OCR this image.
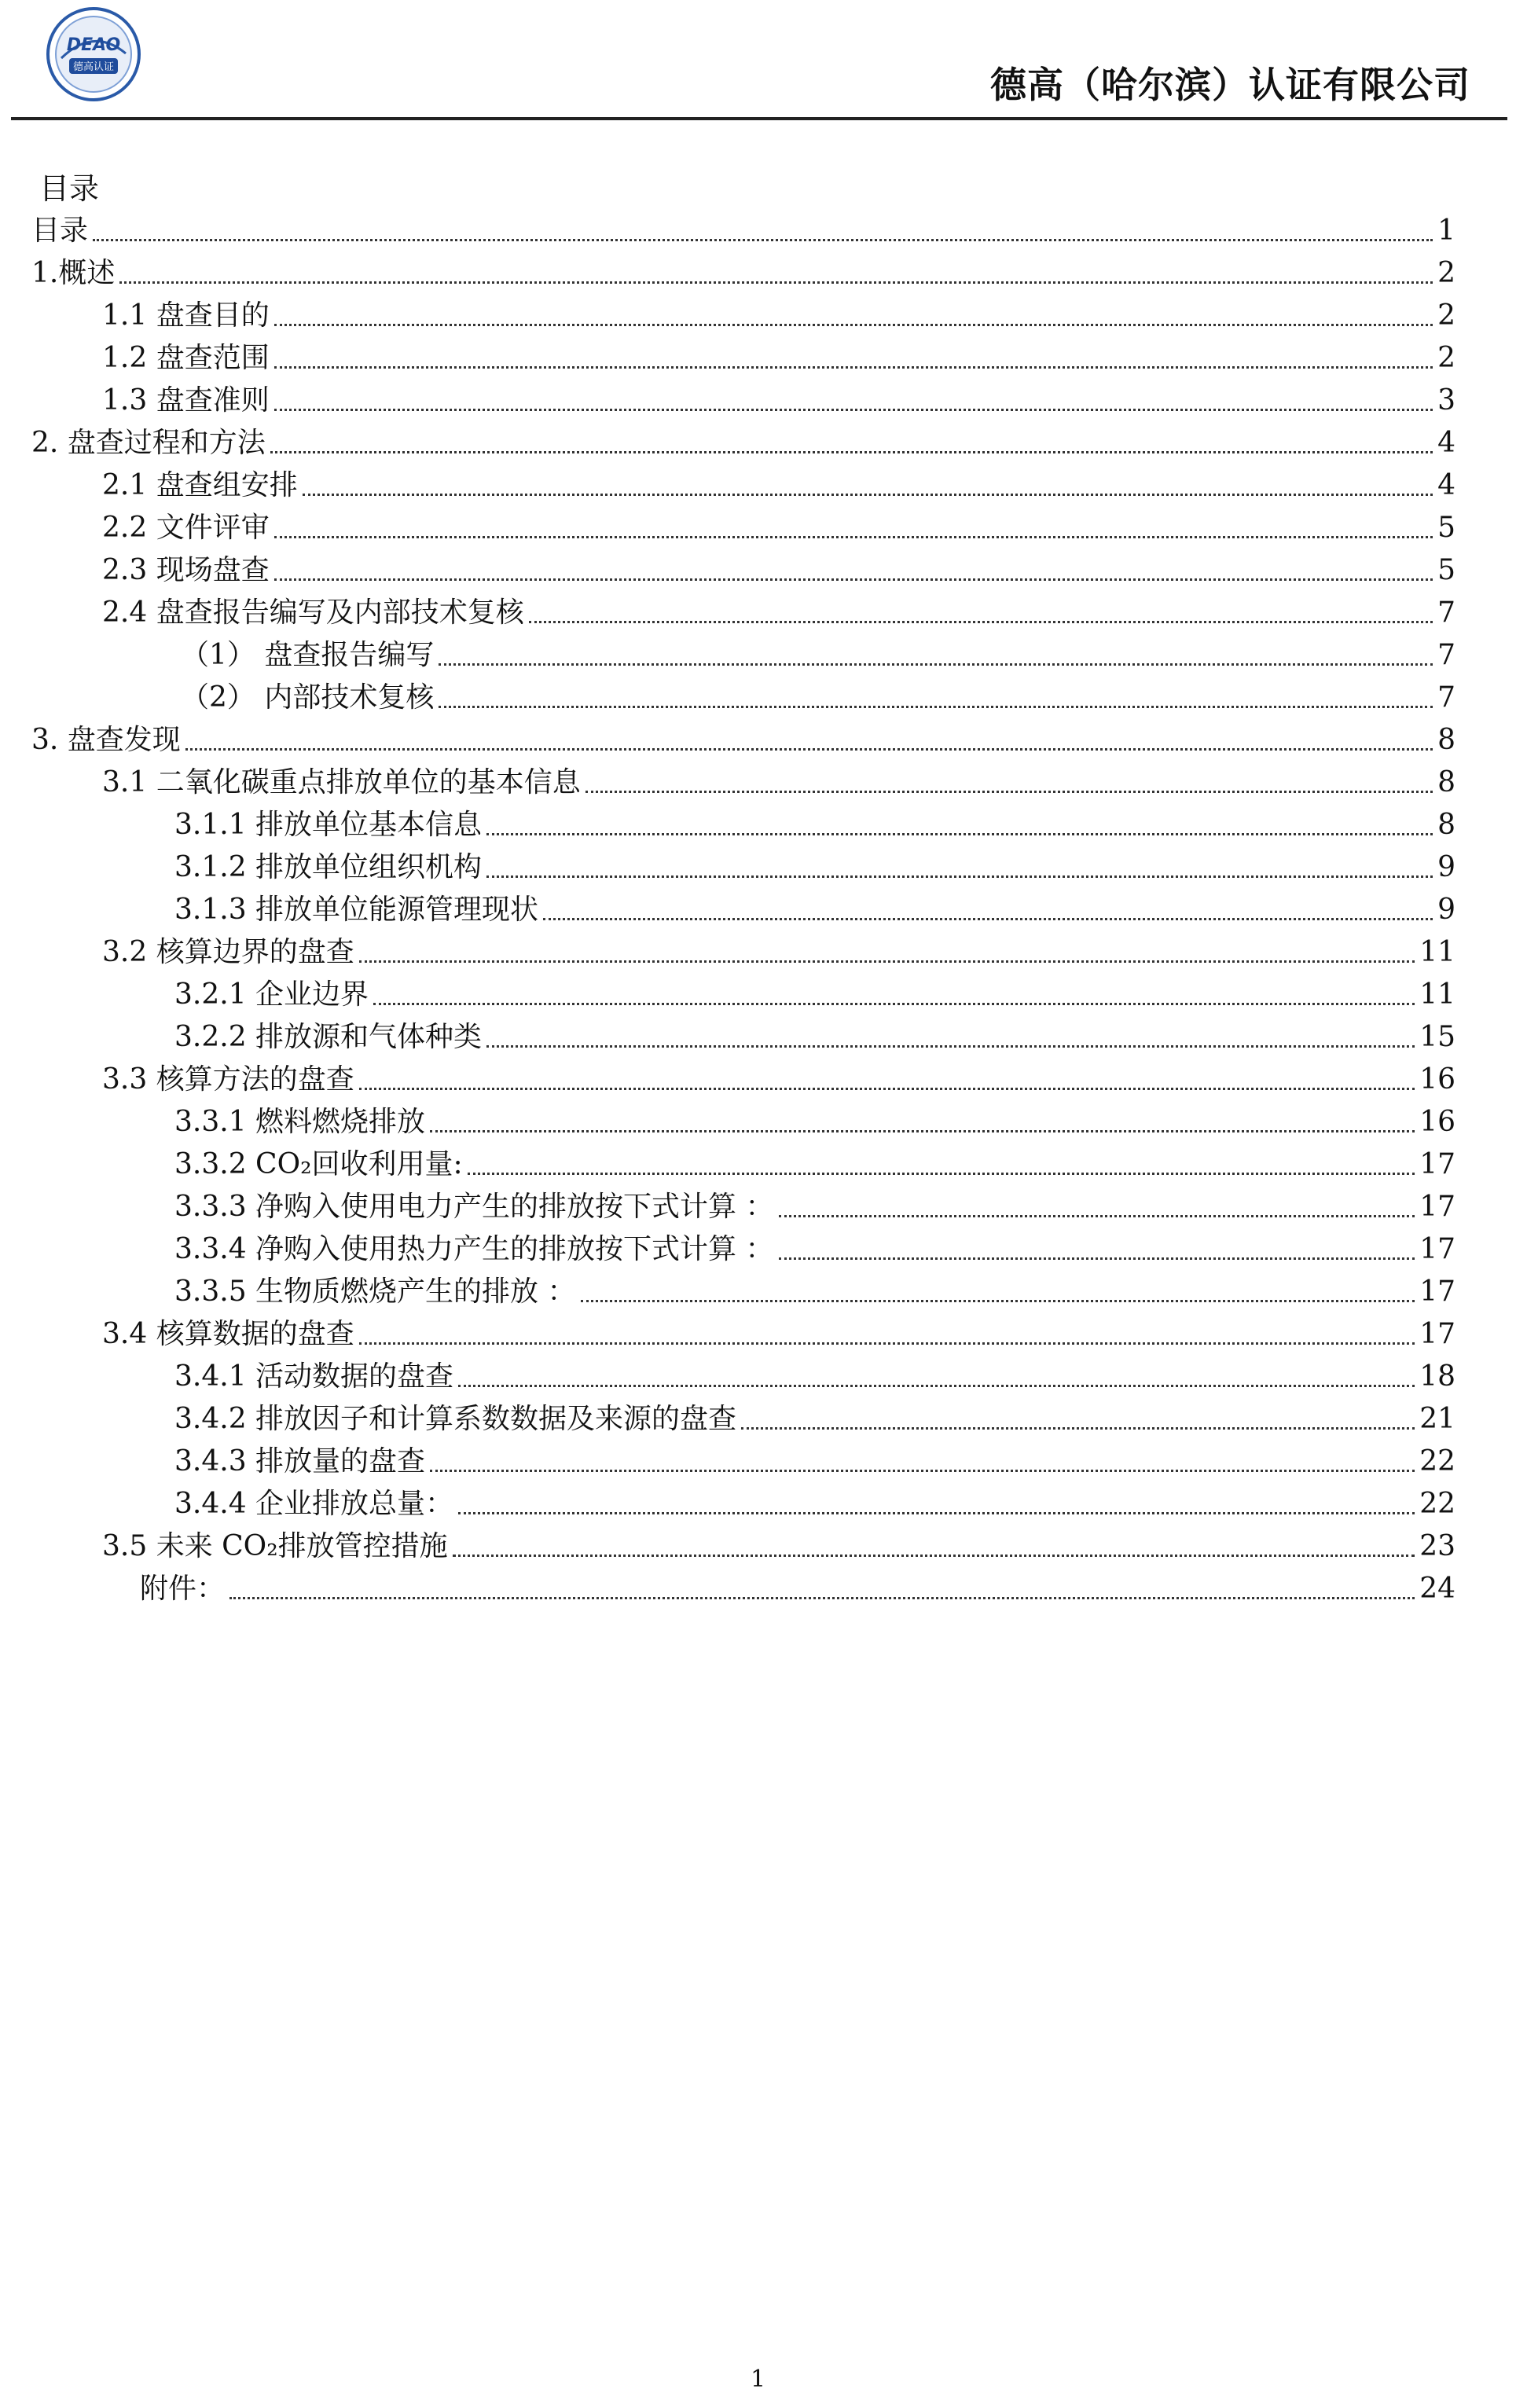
DEAO
德高认证	德高（哈尔滨）认证有限公司
目录
目录	1
1.概述	2
1.1 盘查目的	2
1.2 盘查范围	2
1.3 盘查准则	3
2. 盘查过程和方法	4
2.1 盘查组安排	4
2.2 文件评审	5
2.3 现场盘查	5
2.4 盘查报告编写及内部技术复核	7
（1） 盘查报告编写	7
（2） 内部技术复核	7
3. 盘查发现	8
3.1 二氧化碳重点排放单位的基本信息	8
3.1.1 排放单位基本信息	8
3.1.2 排放单位组织机构	9
3.1.3 排放单位能源管理现状	9
3.2 核算边界的盘查	11
3.2.1 企业边界	11
3.2.2 排放源和气体种类	15
3.3 核算方法的盘查	16
3.3.1 燃料燃烧排放	16
3.3.2 CO₂回收利用量:	17
3.3.3 净购入使用电力产生的排放按下式计算 ：	17
3.3.4 净购入使用热力产生的排放按下式计算 ：	17
3.3.5 生物质燃烧产生的排放 ：	17
3.4 核算数据的盘查	17
3.4.1 活动数据的盘查	18
3.4.2 排放因子和计算系数数据及来源的盘查	21
3.4.3 排放量的盘查	22
3.4.4 企业排放总量：	22
3.5 未来 CO₂排放管控措施	23
附件：	24
1
